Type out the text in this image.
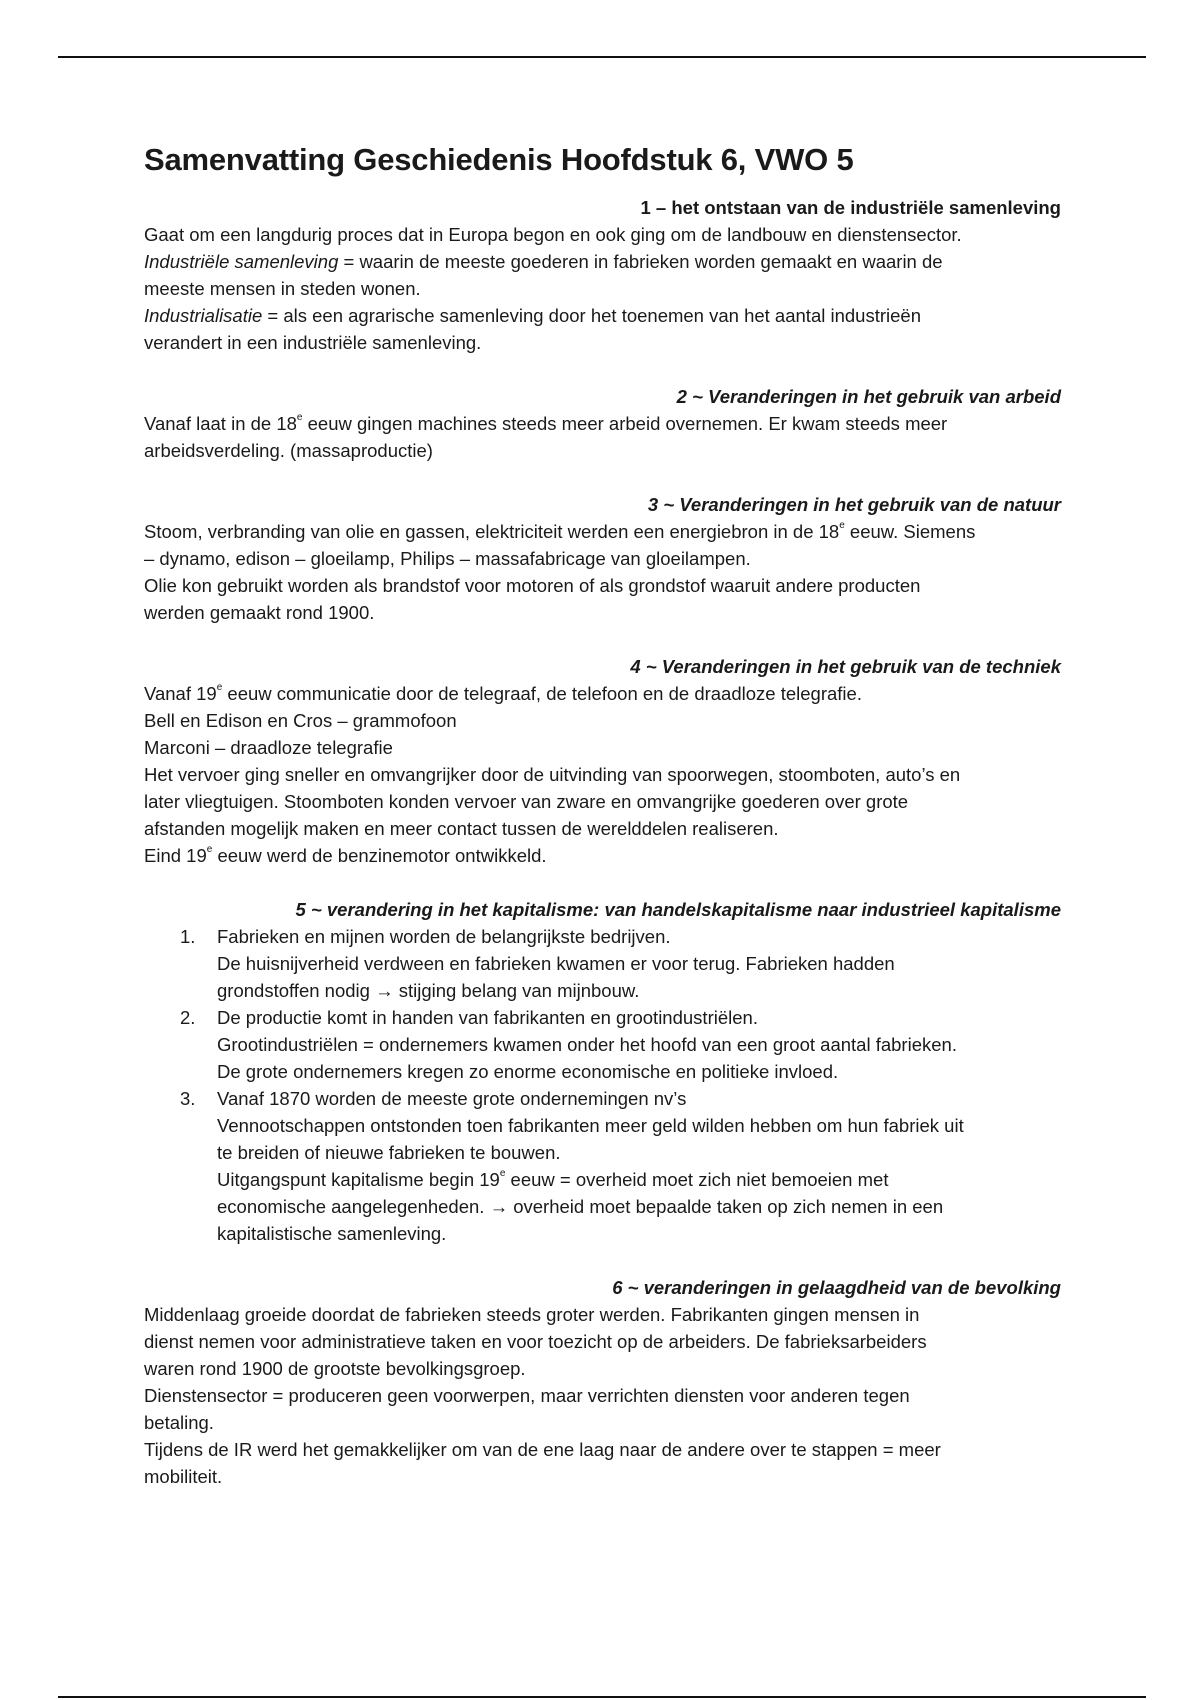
Samenvatting Geschiedenis Hoofdstuk 6, VWO 5

1 – het ontstaan van de industriële samenleving

Gaat om een langdurig proces dat in Europa begon en ook ging om de landbouw en dienstensector.

Industriële samenleving = waarin de meeste goederen in fabrieken worden gemaakt en waarin de

meeste mensen in steden wonen.

Industrialisatie = als een agrarische samenleving door het toenemen van het aantal industrieën

verandert in een industriële samenleving.

2 ~ Veranderingen in het gebruik van arbeid

Vanaf laat in de 18e eeuw gingen machines steeds meer arbeid overnemen. Er kwam steeds meer

arbeidsverdeling. (massaproductie)

3 ~ Veranderingen in het gebruik van de natuur

Stoom, verbranding van olie en gassen, elektriciteit werden een energiebron in de 18e eeuw. Siemens

– dynamo, edison – gloeilamp, Philips – massafabricage van gloeilampen.

Olie kon gebruikt worden als brandstof voor motoren of als grondstof waaruit andere producten

werden gemaakt rond 1900.

4 ~ Veranderingen in het gebruik van de techniek

Vanaf 19e eeuw communicatie door de telegraaf, de telefoon en de draadloze telegrafie.

Bell en Edison en Cros – grammofoon

Marconi – draadloze telegrafie

Het vervoer ging sneller en omvangrijker door de uitvinding van spoorwegen, stoomboten, auto’s en

later vliegtuigen. Stoomboten konden vervoer van zware en omvangrijke goederen over grote

afstanden mogelijk maken en meer contact tussen de werelddelen realiseren.

Eind 19e eeuw werd de benzinemotor ontwikkeld.

5 ~ verandering in het kapitalisme: van handelskapitalisme naar industrieel kapitalisme

1. Fabrieken en mijnen worden de belangrijkste bedrijven.
De huisnijverheid verdween en fabrieken kwamen er voor terug. Fabrieken hadden
grondstoffen nodig → stijging belang van mijnbouw.
2. De productie komt in handen van fabrikanten en grootindustriëlen.
Grootindustriëlen = ondernemers kwamen onder het hoofd van een groot aantal fabrieken.
De grote ondernemers kregen zo enorme economische en politieke invloed.
3. Vanaf 1870 worden de meeste grote ondernemingen nv’s
Vennootschappen ontstonden toen fabrikanten meer geld wilden hebben om hun fabriek uit
te breiden of nieuwe fabrieken te bouwen.
Uitgangspunt kapitalisme begin 19e eeuw = overheid moet zich niet bemoeien met
economische aangelegenheden. → overheid moet bepaalde taken op zich nemen in een
kapitalistische samenleving.

6 ~ veranderingen in gelaagdheid van de bevolking

Middenlaag groeide doordat de fabrieken steeds groter werden. Fabrikanten gingen mensen in

dienst nemen voor administratieve taken en voor toezicht op de arbeiders. De fabrieksarbeiders

waren rond 1900 de grootste bevolkingsgroep.

Dienstensector = produceren geen voorwerpen, maar verrichten diensten voor anderen tegen

betaling.

Tijdens de IR werd het gemakkelijker om van de ene laag naar de andere over te stappen = meer

mobiliteit.
